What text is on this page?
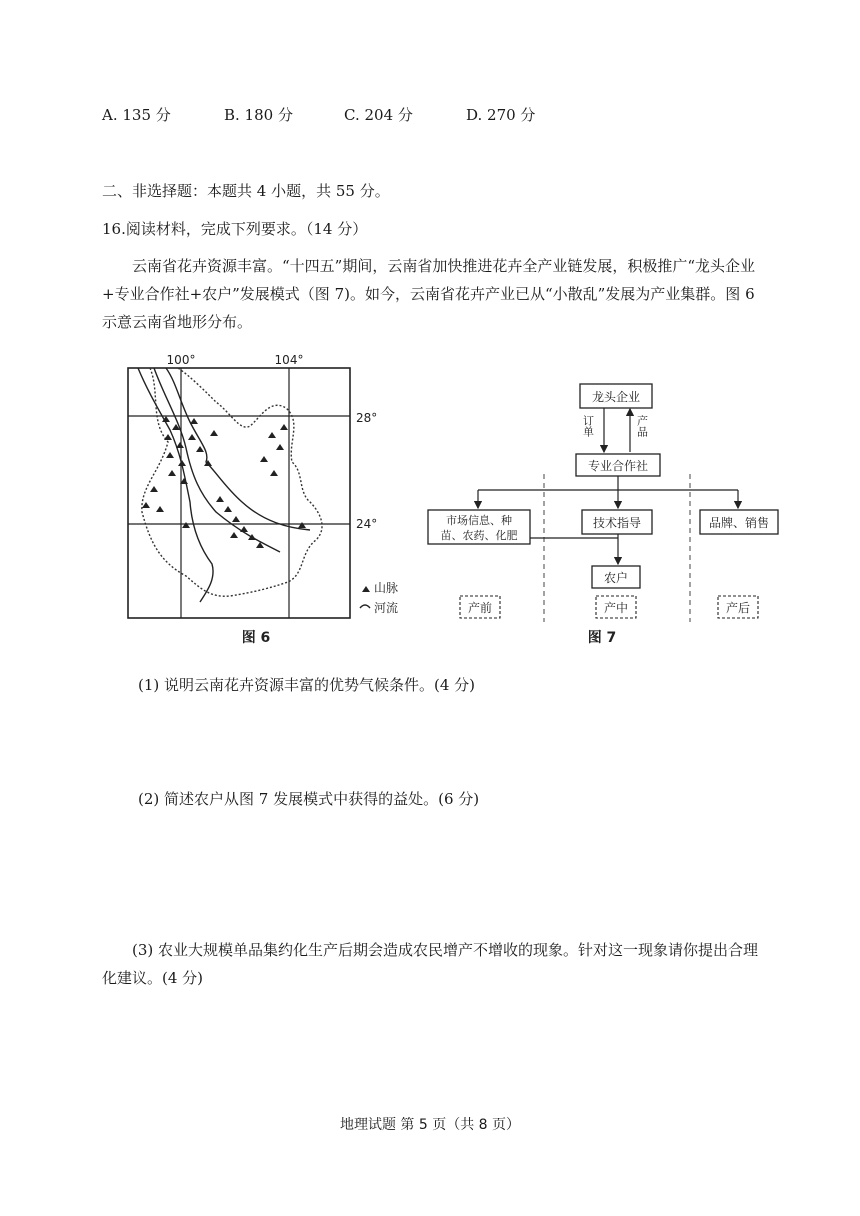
A. 135 分	B. 180 分	C. 204 分	D. 270 分
二、非选择题：本题共 4 小题，共 55 分。
16.阅读材料，完成下列要求。（14 分）
云南省花卉资源丰富。“十四五”期间，云南省加快推进花卉全产业链发展，积极推广“龙头企业+专业合作社+农户”发展模式（图 7)。如今，云南省花卉产业已从“小散乱”发展为产业集群。图 6 示意云南省地形分布。
100°	104°
28°
24°
山脉
河流
图 6
龙头企业
订单	产品
专业合作社
市场信息、种
苗、农药、化肥
技术指导	品牌、销售
农户
产前	产中	产后
图 7
(1) 说明云南花卉资源丰富的优势气候条件。(4 分)
(2) 简述农户从图 7 发展模式中获得的益处。(6 分)
(3) 农业大规模单品集约化生产后期会造成农民增产不增收的现象。针对这一现象请你提出合理化建议。(4 分)
地理试题 第 5 页（共 8 页）
